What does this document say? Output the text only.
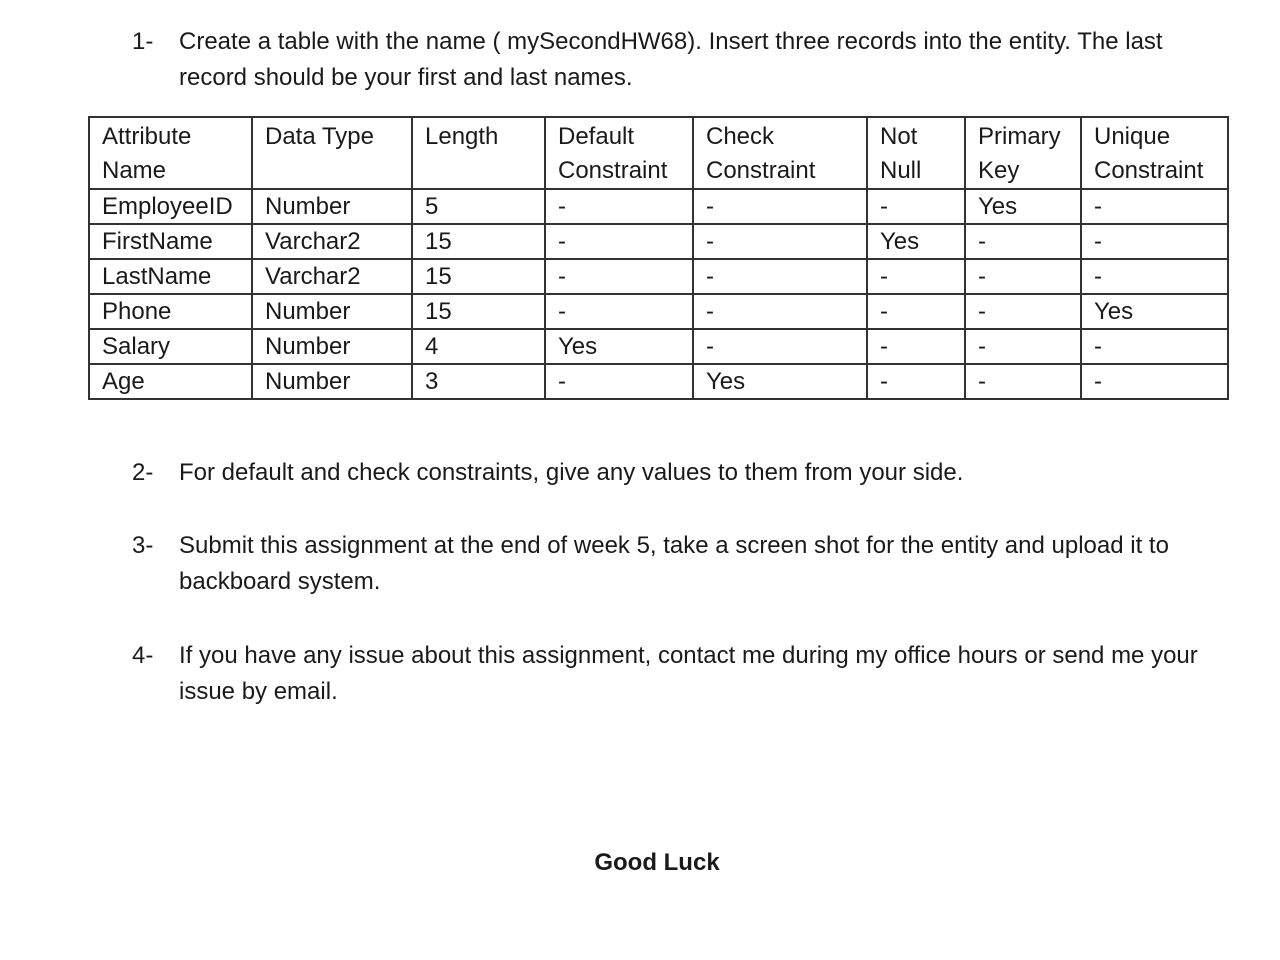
1-	Create a table with the name ( mySecondHW68). Insert three records into the entity. The last record should be your first and last names.
Attribute Name	Data Type	Length	Default Constraint	Check Constraint	Not Null	Primary Key	Unique Constraint
EmployeeID	Number	5	-	-	-	Yes	-
FirstName	Varchar2	15	-	-	Yes	-	-
LastName	Varchar2	15	-	-	-	-	-
Phone	Number	15	-	-	-	-	Yes
Salary	Number	4	Yes	-	-	-	-
Age	Number	3	-	Yes	-	-	-
2-	For default and check constraints, give any values to them from your side.
3-	Submit this assignment at the end of week 5, take a screen shot for the entity and upload it to backboard system.
4-	If you have any issue about this assignment, contact me during my office hours or send me your issue by email.
Good Luck
